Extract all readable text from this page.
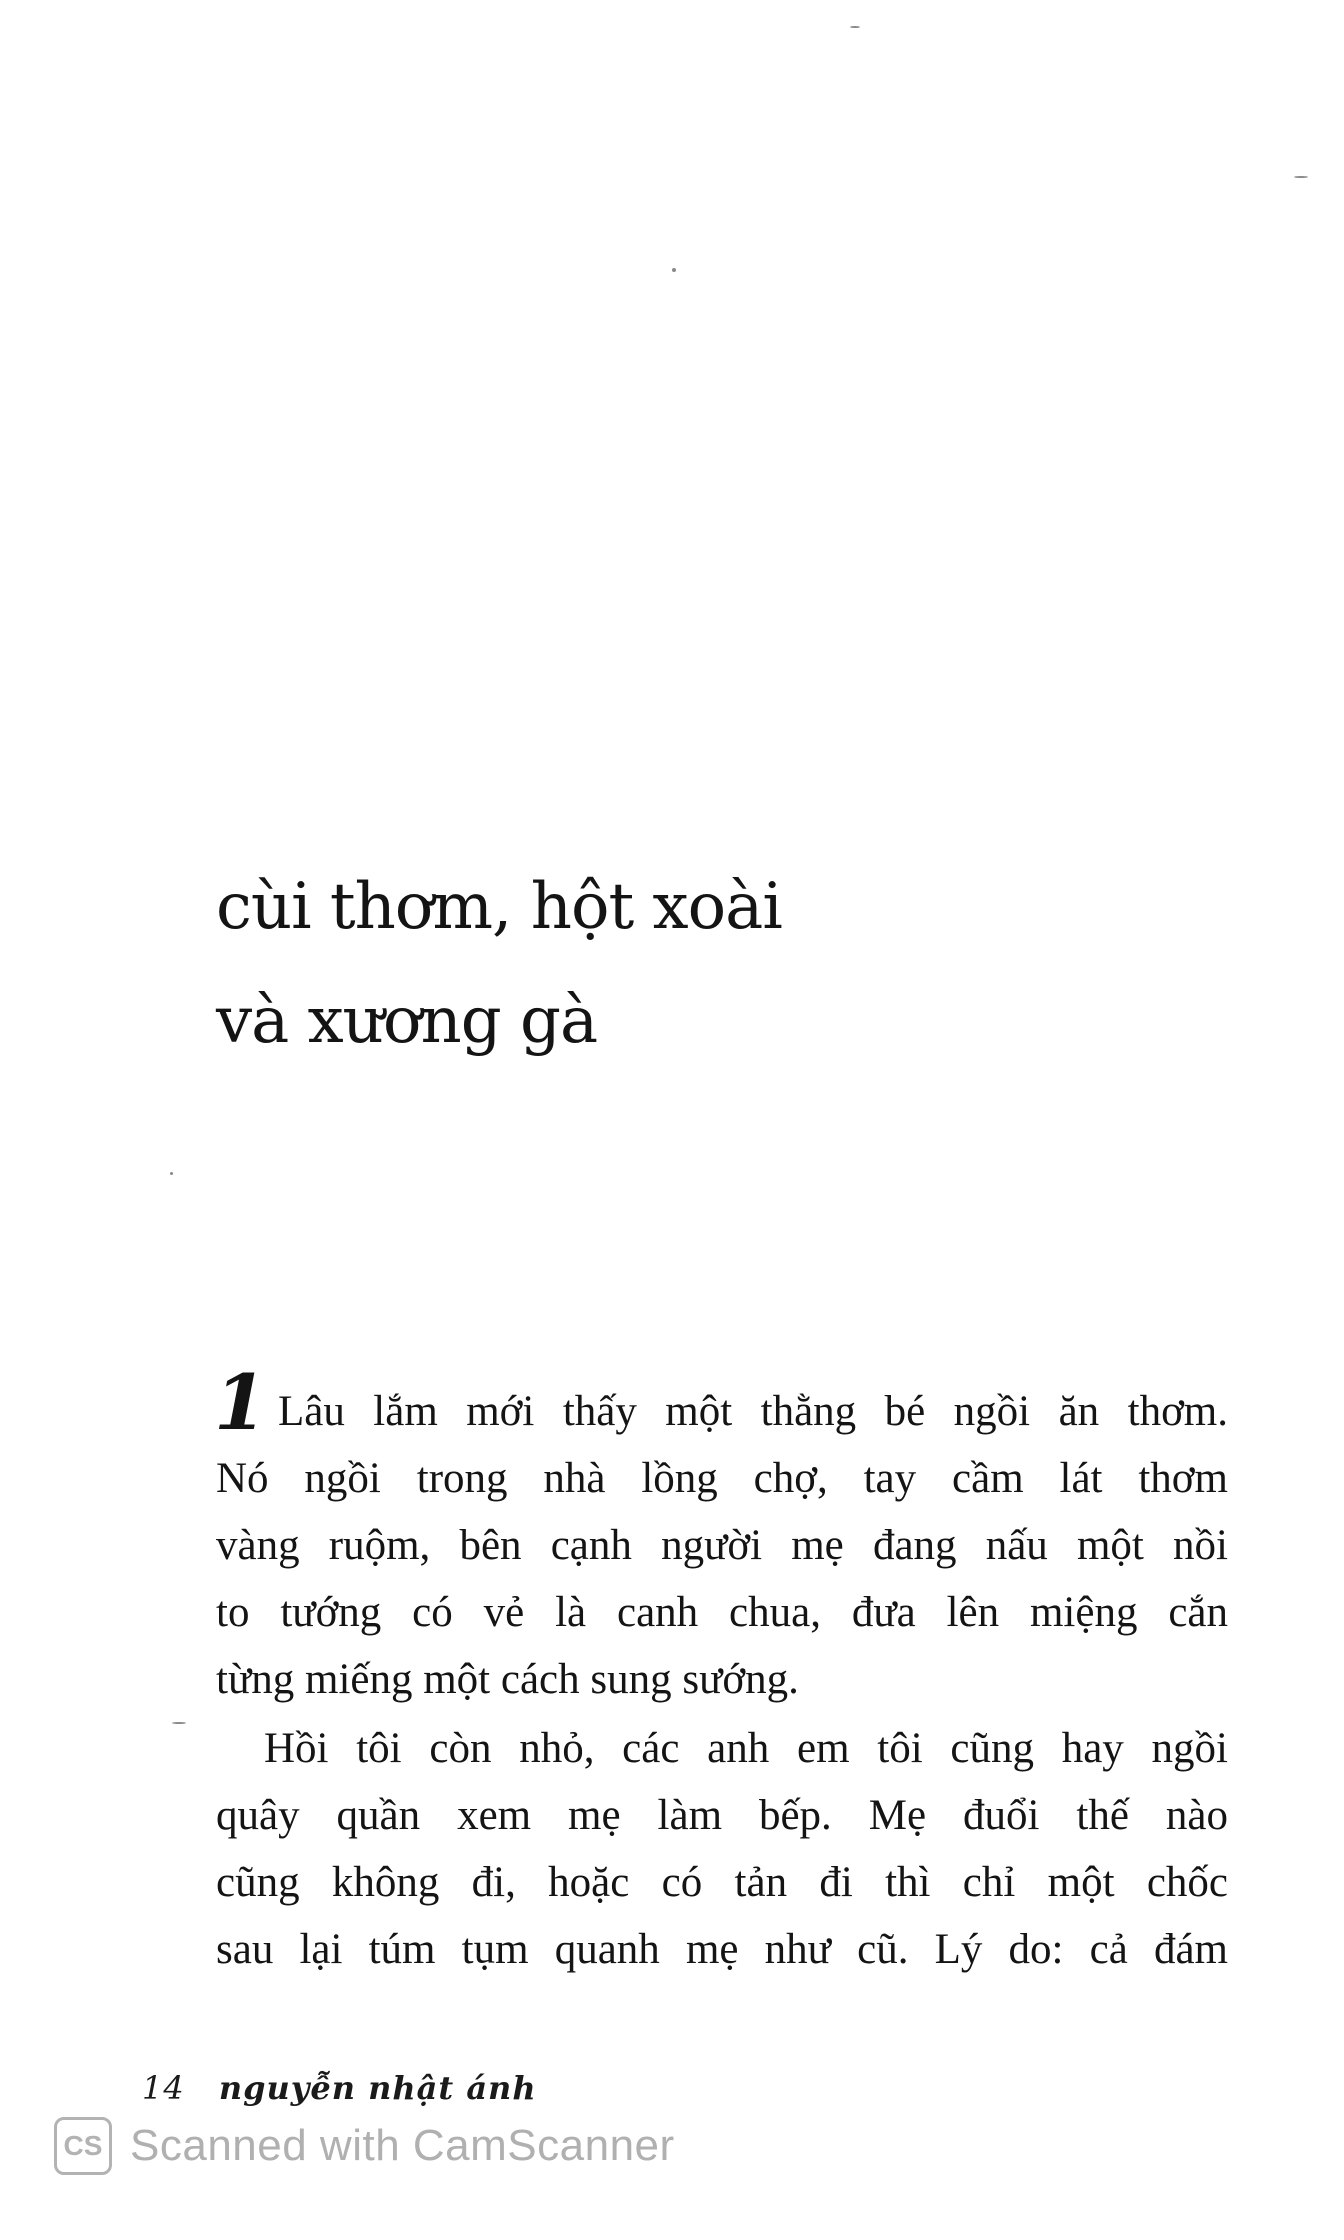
cùi thơm, hột xoài
và xương gà
1 Lâu lắm mới thấy một thằng bé ngồi ăn thơm.
Nó ngồi trong nhà lồng chợ, tay cầm lát thơm
vàng ruộm, bên cạnh người mẹ đang nấu một nồi
to tướng có vẻ là canh chua, đưa lên miệng cắn
từng miếng một cách sung sướng.
Hồi tôi còn nhỏ, các anh em tôi cũng hay ngồi
quây quần xem mẹ làm bếp. Mẹ đuổi thế nào
cũng không đi, hoặc có tản đi thì chỉ một chốc
sau lại túm tụm quanh mẹ như cũ. Lý do: cả đám
14 nguyễn nhật ánh
CS Scanned with CamScanner
